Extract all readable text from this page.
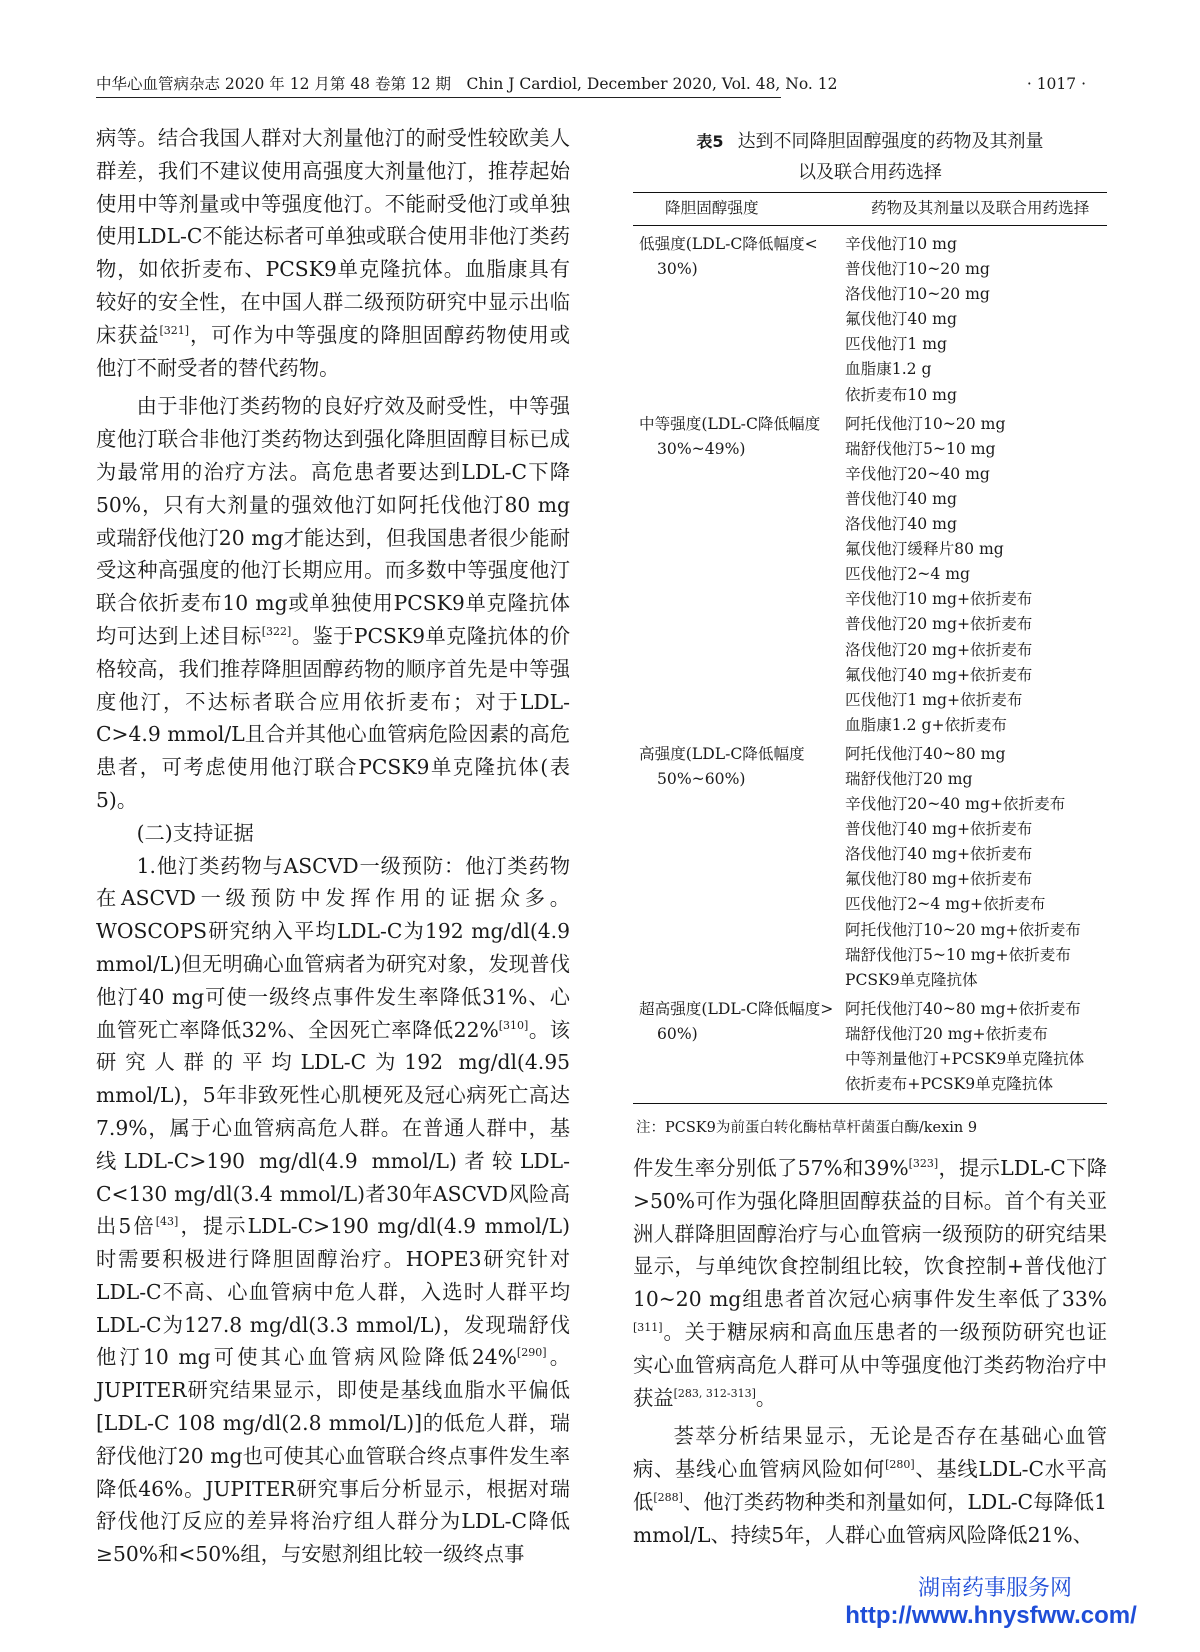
中华心血管病杂志 2020 年 12 月第 48 卷第 12 期　Chin J Cardiol, December 2020, Vol. 48, No. 12	· 1017 ·

病等。结合我国人群对大剂量他汀的耐受性较欧美人群差，我们不建议使用高强度大剂量他汀，推荐起始使用中等剂量或中等强度他汀。不能耐受他汀或单独使用LDL-C不能达标者可单独或联合使用非他汀类药物，如依折麦布、PCSK9单克隆抗体。血脂康具有较好的安全性，在中国人群二级预防研究中显示出临床获益[321]，可作为中等强度的降胆固醇药物使用或他汀不耐受者的替代药物。

由于非他汀类药物的良好疗效及耐受性，中等强度他汀联合非他汀类药物达到强化降胆固醇目标已成为最常用的治疗方法。高危患者要达到LDL-C下降50%，只有大剂量的强效他汀如阿托伐他汀80 mg或瑞舒伐他汀20 mg才能达到，但我国患者很少能耐受这种高强度的他汀长期应用。而多数中等强度他汀联合依折麦布10 mg或单独使用PCSK9单克隆抗体均可达到上述目标[322]。鉴于PCSK9单克隆抗体的价格较高，我们推荐降胆固醇药物的顺序首先是中等强度他汀，不达标者联合应用依折麦布；对于LDL-C>4.9 mmol/L且合并其他心血管病危险因素的高危患者，可考虑使用他汀联合PCSK9单克隆抗体(表5)。

(二)支持证据

1.他汀类药物与ASCVD一级预防：他汀类药物在ASCVD一级预防中发挥作用的证据众多。WOSCOPS研究纳入平均LDL-C为192 mg/dl(4.9 mmol/L)但无明确心血管病者为研究对象，发现普伐他汀40 mg可使一级终点事件发生率降低31%、心血管死亡率降低32%、全因死亡率降低22%[310]。该研究人群的平均LDL-C为192 mg/dl(4.95 mmol/L)，5年非致死性心肌梗死及冠心病死亡高达7.9%，属于心血管病高危人群。在普通人群中，基线LDL-C>190 mg/dl(4.9 mmol/L)者较LDL-C<130 mg/dl(3.4 mmol/L)者30年ASCVD风险高出5倍[43]，提示LDL-C>190 mg/dl(4.9 mmol/L)时需要积极进行降胆固醇治疗。HOPE3研究针对LDL-C不高、心血管病中危人群，入选时人群平均LDL-C为127.8 mg/dl(3.3 mmol/L)，发现瑞舒伐他汀10 mg可使其心血管病风险降低24%[290]。JUPITER研究结果显示，即使是基线血脂水平偏低[LDL-C 108 mg/dl(2.8 mmol/L)]的低危人群，瑞舒伐他汀20 mg也可使其心血管联合终点事件发生率降低46%。JUPITER研究事后分析显示，根据对瑞舒伐他汀反应的差异将治疗组人群分为LDL-C降低≥50%和<50%组，与安慰剂组比较一级终点事

表5 达到不同降胆固醇强度的药物及其剂量
以及联合用药选择
降胆固醇强度	药物及其剂量以及联合用药选择

低强度(LDL-C降低幅度<
30%)	辛伐他汀10 mg
	普伐他汀10~20 mg
	洛伐他汀10~20 mg
	氟伐他汀40 mg
	匹伐他汀1 mg
	血脂康1.2 g
	依折麦布10 mg

中等强度(LDL-C降低幅度
30%~49%)	阿托伐他汀10~20 mg
	瑞舒伐他汀5~10 mg
	辛伐他汀20~40 mg
	普伐他汀40 mg
	洛伐他汀40 mg
	氟伐他汀缓释片80 mg
	匹伐他汀2~4 mg
	辛伐他汀10 mg+依折麦布
	普伐他汀20 mg+依折麦布
	洛伐他汀20 mg+依折麦布
	氟伐他汀40 mg+依折麦布
	匹伐他汀1 mg+依折麦布
	血脂康1.2 g+依折麦布

高强度(LDL-C降低幅度
50%~60%)	阿托伐他汀40~80 mg
	瑞舒伐他汀20 mg
	辛伐他汀20~40 mg+依折麦布
	普伐他汀40 mg+依折麦布
	洛伐他汀40 mg+依折麦布
	氟伐他汀80 mg+依折麦布
	匹伐他汀2~4 mg+依折麦布
	阿托伐他汀10~20 mg+依折麦布
	瑞舒伐他汀5~10 mg+依折麦布
	PCSK9单克隆抗体

超高强度(LDL-C降低幅度>
60%)	阿托伐他汀40~80 mg+依折麦布
	瑞舒伐他汀20 mg+依折麦布
	中等剂量他汀+PCSK9单克隆抗体
	依折麦布+PCSK9单克隆抗体
注：PCSK9为前蛋白转化酶枯草杆菌蛋白酶/kexin 9

件发生率分别低了57%和39%[323]，提示LDL-C下降>50%可作为强化降胆固醇获益的目标。首个有关亚洲人群降胆固醇治疗与心血管病一级预防的研究结果显示，与单纯饮食控制组比较，饮食控制+普伐他汀10~20 mg组患者首次冠心病事件发生率低了33%[311]。关于糖尿病和高血压患者的一级预防研究也证实心血管病高危人群可从中等强度他汀类药物治疗中获益[283, 312-313]。

荟萃分析结果显示，无论是否存在基础心血管病、基线心血管病风险如何[280]、基线LDL-C水平高低[288]、他汀类药物种类和剂量如何，LDL-C每降低1 mmol/L、持续5年，人群心血管病风险降低21%、

湖南药事服务网
http://www.hnysfww.com/
